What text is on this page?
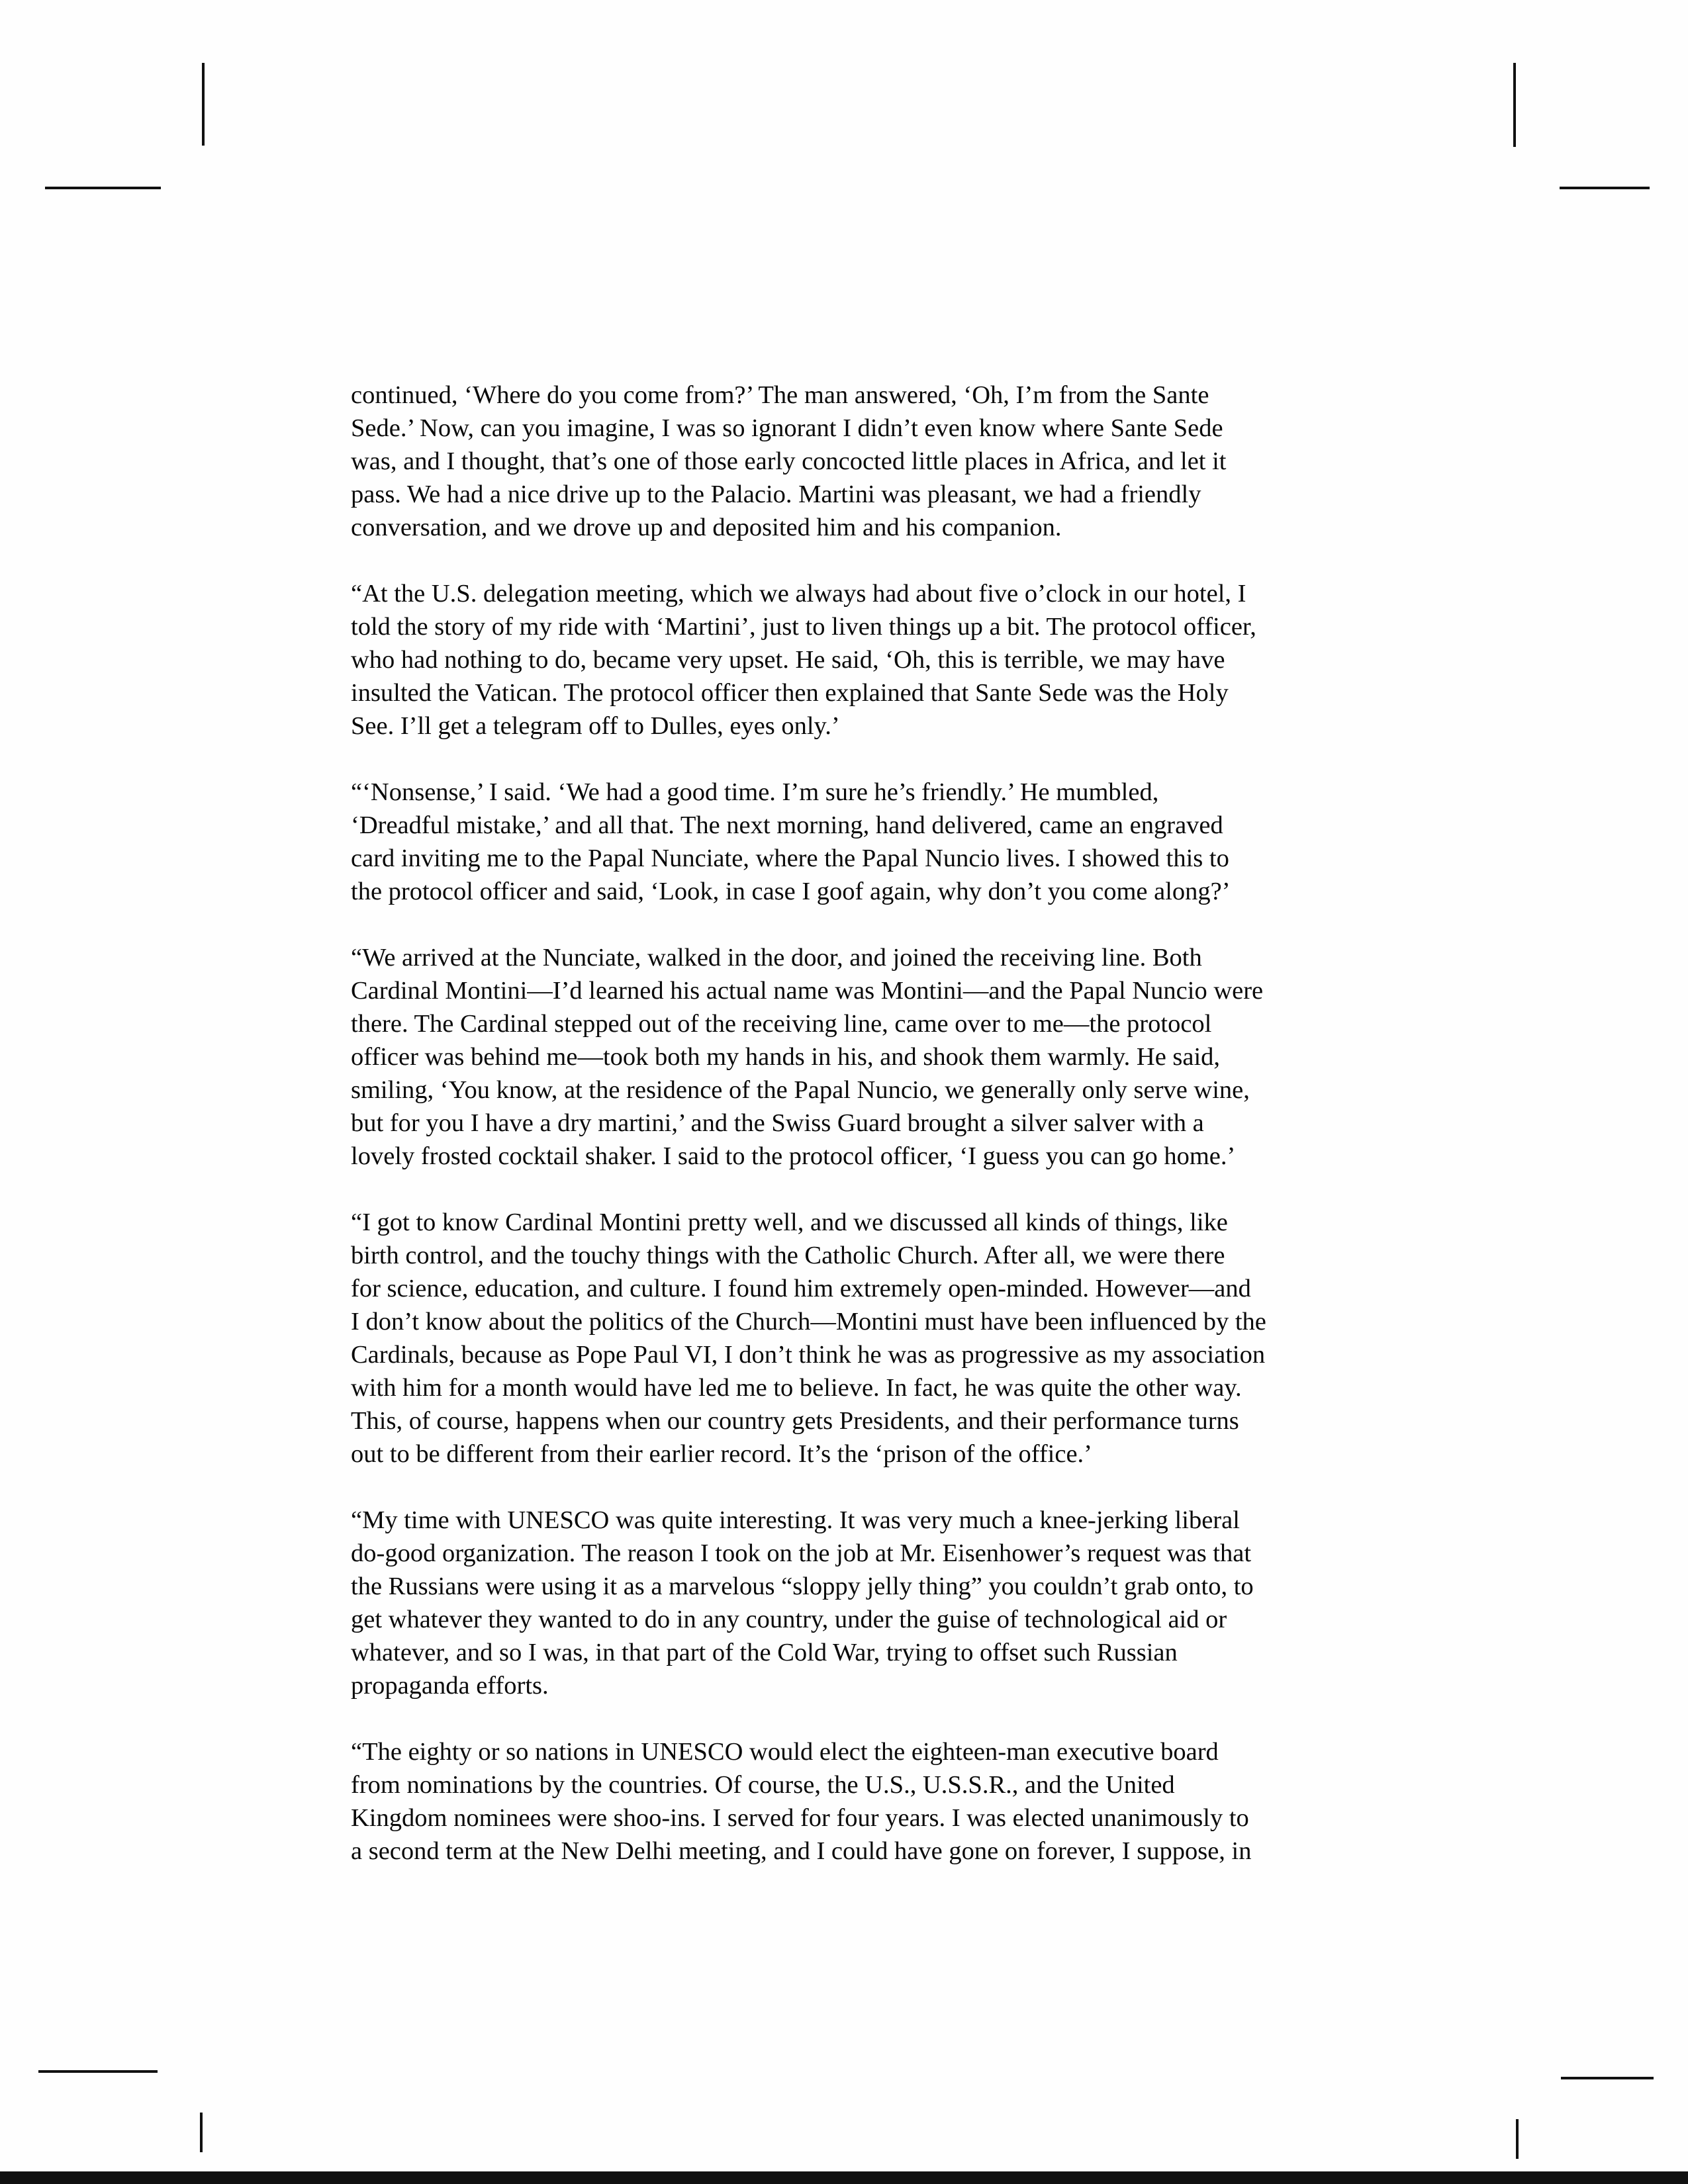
continued, ‘Where do you come from?’ The man answered, ‘Oh, I’m from the Sante
Sede.’ Now, can you imagine, I was so ignorant I didn’t even know where Sante Sede
was, and I thought, that’s one of those early concocted little places in Africa, and let it
pass. We had a nice drive up to the Palacio. Martini was pleasant, we had a friendly
conversation, and we drove up and deposited him and his companion.
“At the U.S. delegation meeting, which we always had about five o’clock in our hotel, I
told the story of my ride with ‘Martini’, just to liven things up a bit. The protocol officer,
who had nothing to do, became very upset. He said, ‘Oh, this is terrible, we may have
insulted the Vatican. The protocol officer then explained that Sante Sede was the Holy
See. I’ll get a telegram off to Dulles, eyes only.’
“‘Nonsense,’ I said. ‘We had a good time. I’m sure he’s friendly.’ He mumbled,
‘Dreadful mistake,’ and all that. The next morning, hand delivered, came an engraved
card inviting me to the Papal Nunciate, where the Papal Nuncio lives. I showed this to
the protocol officer and said, ‘Look, in case I goof again, why don’t you come along?’
“We arrived at the Nunciate, walked in the door, and joined the receiving line. Both
Cardinal Montini—I’d learned his actual name was Montini—and the Papal Nuncio were
there. The Cardinal stepped out of the receiving line, came over to me—the protocol
officer was behind me—took both my hands in his, and shook them warmly. He said,
smiling, ‘You know, at the residence of the Papal Nuncio, we generally only serve wine,
but for you I have a dry martini,’ and the Swiss Guard brought a silver salver with a
lovely frosted cocktail shaker. I said to the protocol officer, ‘I guess you can go home.’
“I got to know Cardinal Montini pretty well, and we discussed all kinds of things, like
birth control, and the touchy things with the Catholic Church. After all, we were there
for science, education, and culture. I found him extremely open-minded. However—and
I don’t know about the politics of the Church—Montini must have been influenced by the
Cardinals, because as Pope Paul VI, I don’t think he was as progressive as my association
with him for a month would have led me to believe. In fact, he was quite the other way.
This, of course, happens when our country gets Presidents, and their performance turns
out to be different from their earlier record. It’s the ‘prison of the office.’
“My time with UNESCO was quite interesting. It was very much a knee-jerking liberal
do-good organization. The reason I took on the job at Mr. Eisenhower’s request was that
the Russians were using it as a marvelous “sloppy jelly thing” you couldn’t grab onto, to
get whatever they wanted to do in any country, under the guise of technological aid or
whatever, and so I was, in that part of the Cold War, trying to offset such Russian
propaganda efforts.
“The eighty or so nations in UNESCO would elect the eighteen-man executive board
from nominations by the countries. Of course, the U.S., U.S.S.R., and the United
Kingdom nominees were shoo-ins. I served for four years. I was elected unanimously to
a second term at the New Delhi meeting, and I could have gone on forever, I suppose, in
